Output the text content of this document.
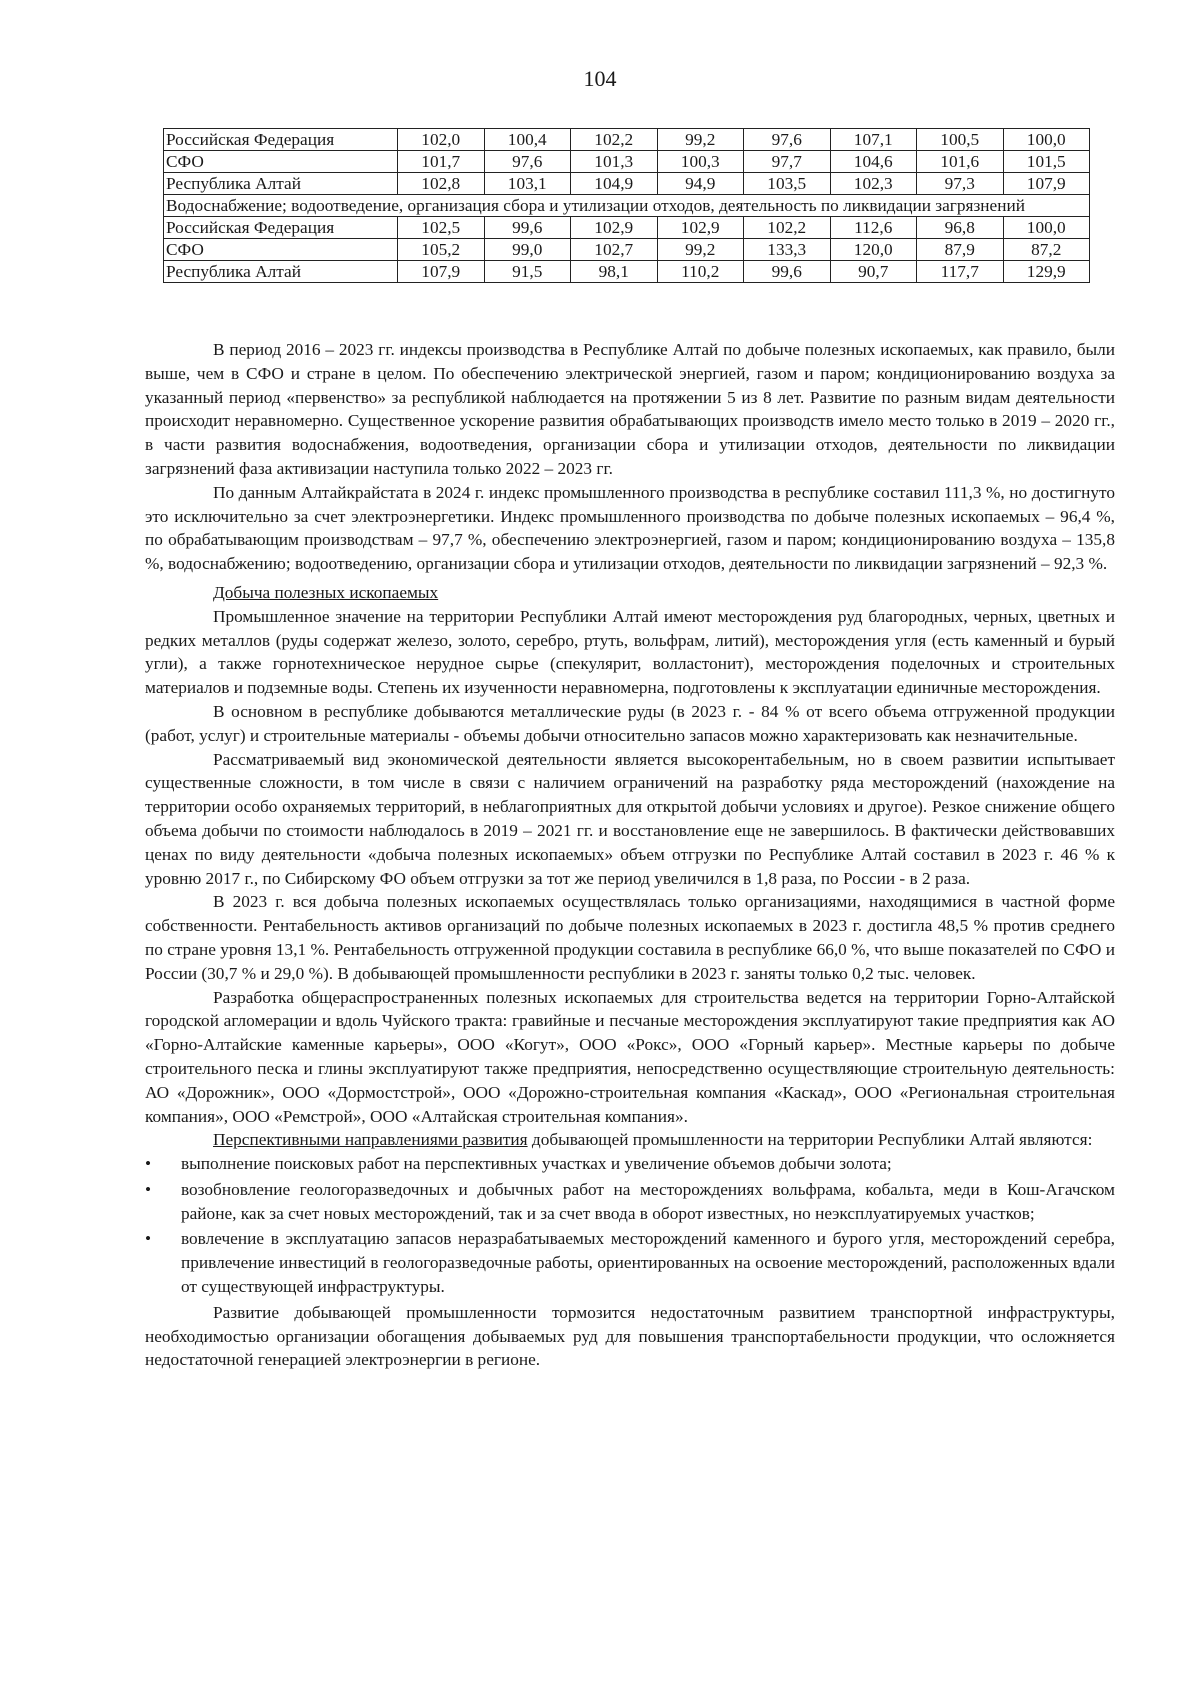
104
Российская Федерация	102,0	100,4	102,2	99,2	97,6	107,1	100,5	100,0
СФО	101,7	97,6	101,3	100,3	97,7	104,6	101,6	101,5
Республика Алтай	102,8	103,1	104,9	94,9	103,5	102,3	97,3	107,9
Водоснабжение; водоотведение, организация сбора и утилизации отходов, деятельность по ликвидации загрязнений								
Российская Федерация	102,5	99,6	102,9	102,9	102,2	112,6	96,8	100,0
СФО	105,2	99,0	102,7	99,2	133,3	120,0	87,9	87,2
Республика Алтай	107,9	91,5	98,1	110,2	99,6	90,7	117,7	129,9

В период 2016 – 2023 гг. индексы производства в Республике Алтай по добыче полезных ископаемых, как правило, были выше, чем в СФО и стране в целом. По обеспечению электрической энергией, газом и паром; кондиционированию воздуха за указанный период «первенство» за республикой наблюдается на протяжении 5 из 8 лет. Развитие по разным видам деятельности происходит неравномерно. Существенное ускорение развития обрабатывающих производств имело место только в 2019 – 2020 гг., в части развития водоснабжения, водоотведения, организации сбора и утилизации отходов, деятельности по ликвидации загрязнений фаза активизации наступила только 2022 – 2023 гг.

По данным Алтайкрайстата в 2024 г. индекс промышленного производства в республике составил 111,3 %, но достигнуто это исключительно за счет электроэнергетики. Индекс промышленного производства по добыче полезных ископаемых – 96,4 %, по обрабатывающим производствам – 97,7 %, обеспечению электроэнергией, газом и паром; кондиционированию воздуха – 135,8 %, водоснабжению; водоотведению, организации сбора и утилизации отходов, деятельности по ликвидации загрязнений – 92,3 %.

Добыча полезных ископаемых

Промышленное значение на территории Республики Алтай имеют месторождения руд благородных, черных, цветных и редких металлов (руды содержат железо, золото, серебро, ртуть, вольфрам, литий), месторождения угля (есть каменный и бурый угли), а также горнотехническое нерудное сырье (спекулярит, волластонит), месторождения поделочных и строительных материалов и подземные воды. Степень их изученности неравномерна, подготовлены к эксплуатации единичные месторождения.

В основном в республике добываются металлические руды (в 2023 г. - 84 % от всего объема отгруженной продукции (работ, услуг) и строительные материалы - объемы добычи относительно запасов можно характеризовать как незначительные.

Рассматриваемый вид экономической деятельности является высокорентабельным, но в своем развитии испытывает существенные сложности, в том числе в связи с наличием ограничений на разработку ряда месторождений (нахождение на территории особо охраняемых территорий, в неблагоприятных для открытой добычи условиях и другое). Резкое снижение общего объема добычи по стоимости наблюдалось в 2019 – 2021 гг. и восстановление еще не завершилось. В фактически действовавших ценах по виду деятельности «добыча полезных ископаемых» объем отгрузки по Республике Алтай составил в 2023 г. 46 % к уровню 2017 г., по Сибирскому ФО объем отгрузки за тот же период увеличился в 1,8 раза, по России - в 2 раза.

В 2023 г. вся добыча полезных ископаемых осуществлялась только организациями, находящимися в частной форме собственности. Рентабельность активов организаций по добыче полезных ископаемых в 2023 г. достигла 48,5 % против среднего по стране уровня 13,1 %. Рентабельность отгруженной продукции составила в республике 66,0 %, что выше показателей по СФО и России (30,7 % и 29,0 %). В добывающей промышленности республики в 2023 г. заняты только 0,2 тыс. человек.

Разработка общераспространенных полезных ископаемых для строительства ведется на территории Горно-Алтайской городской агломерации и вдоль Чуйского тракта: гравийные и песчаные месторождения эксплуатируют такие предприятия как АО «Горно-Алтайские каменные карьеры», ООО «Когут», ООО «Рокс», ООО «Горный карьер». Местные карьеры по добыче строительного песка и глины эксплуатируют также предприятия, непосредственно осуществляющие строительную деятельность: АО «Дорожник», ООО «Дормостстрой», ООО «Дорожно-строительная компания «Каскад», ООО «Региональная строительная компания», ООО «Ремстрой», ООО «Алтайская строительная компания».

Перспективными направлениями развития добывающей промышленности на территории Республики Алтай являются:

• выполнение поисковых работ на перспективных участках и увеличение объемов добычи золота;
• возобновление геологоразведочных и добычных работ на месторождениях вольфрама, кобальта, меди в Кош-Агачском районе, как за счет новых месторождений, так и за счет ввода в оборот известных, но неэксплуатируемых участков;
• вовлечение в эксплуатацию запасов неразрабатываемых месторождений каменного и бурого угля, месторождений серебра, привлечение инвестиций в геологоразведочные работы, ориентированных на освоение месторождений, расположенных вдали от существующей инфраструктуры.

Развитие добывающей промышленности тормозится недостаточным развитием транспортной инфраструктуры, необходимостью организации обогащения добываемых руд для повышения транспортабельности продукции, что осложняется недостаточной генерацией электроэнергии в регионе.
